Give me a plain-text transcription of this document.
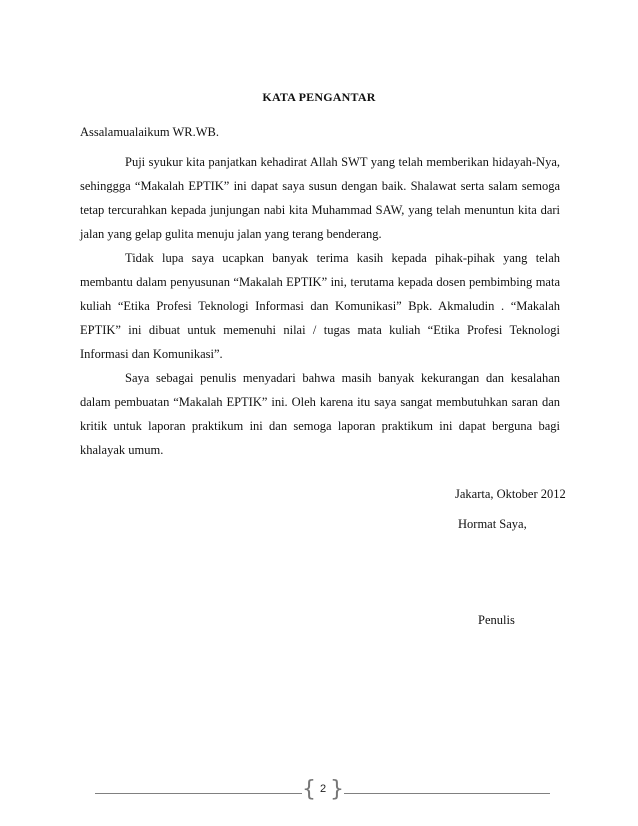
KATA PENGANTAR
Assalamualaikum WR.WB.

Puji syukur kita panjatkan kehadirat Allah SWT yang telah memberikan hidayah-Nya, sehinggga “Makalah EPTIK” ini dapat saya susun dengan baik. Shalawat serta salam semoga tetap tercurahkan kepada junjungan nabi kita Muhammad SAW, yang telah menuntun kita dari jalan yang gelap gulita menuju jalan yang terang benderang.

Tidak lupa saya ucapkan banyak terima kasih kepada pihak-pihak yang telah membantu dalam penyusunan “Makalah EPTIK” ini, terutama kepada dosen pembimbing mata kuliah “Etika Profesi Teknologi Informasi dan Komunikasi” Bpk. Akmaludin . “Makalah EPTIK” ini dibuat untuk memenuhi nilai / tugas mata kuliah “Etika Profesi Teknologi Informasi dan Komunikasi”.

Saya sebagai penulis menyadari bahwa masih banyak kekurangan dan kesalahan dalam pembuatan “Makalah EPTIK” ini. Oleh karena itu saya sangat membutuhkan saran dan kritik untuk laporan praktikum ini dan semoga laporan praktikum ini dapat berguna bagi khalayak umum.

Jakarta, Oktober 2012
Hormat Saya,
Penulis
{ 2 }
